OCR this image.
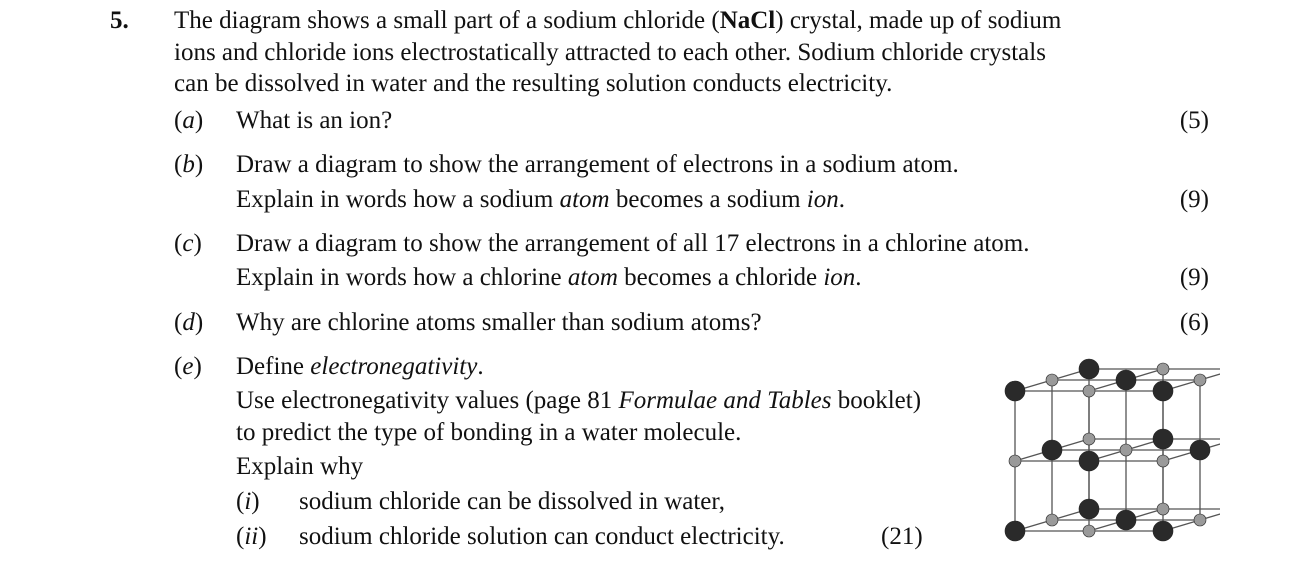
5. The diagram shows a small part of a sodium chloride (NaCl) crystal, made up of sodium
ions and chloride ions electrostatically attracted to each other. Sodium chloride crystals
can be dissolved in water and the resulting solution conducts electricity.
(a) What is an ion?	(5)
(b) Draw a diagram to show the arrangement of electrons in a sodium atom.
Explain in words how a sodium atom becomes a sodium ion.	(9)
(c) Draw a diagram to show the arrangement of all 17 electrons in a chlorine atom.
Explain in words how a chlorine atom becomes a chloride ion.	(9)
(d) Why are chlorine atoms smaller than sodium atoms?	(6)
(e) Define electronegativity.
Use electronegativity values (page 81 Formulae and Tables booklet)
to predict the type of bonding in a water molecule.
Explain why
(i) sodium chloride can be dissolved in water,
(ii) sodium chloride solution can conduct electricity.	(21)
